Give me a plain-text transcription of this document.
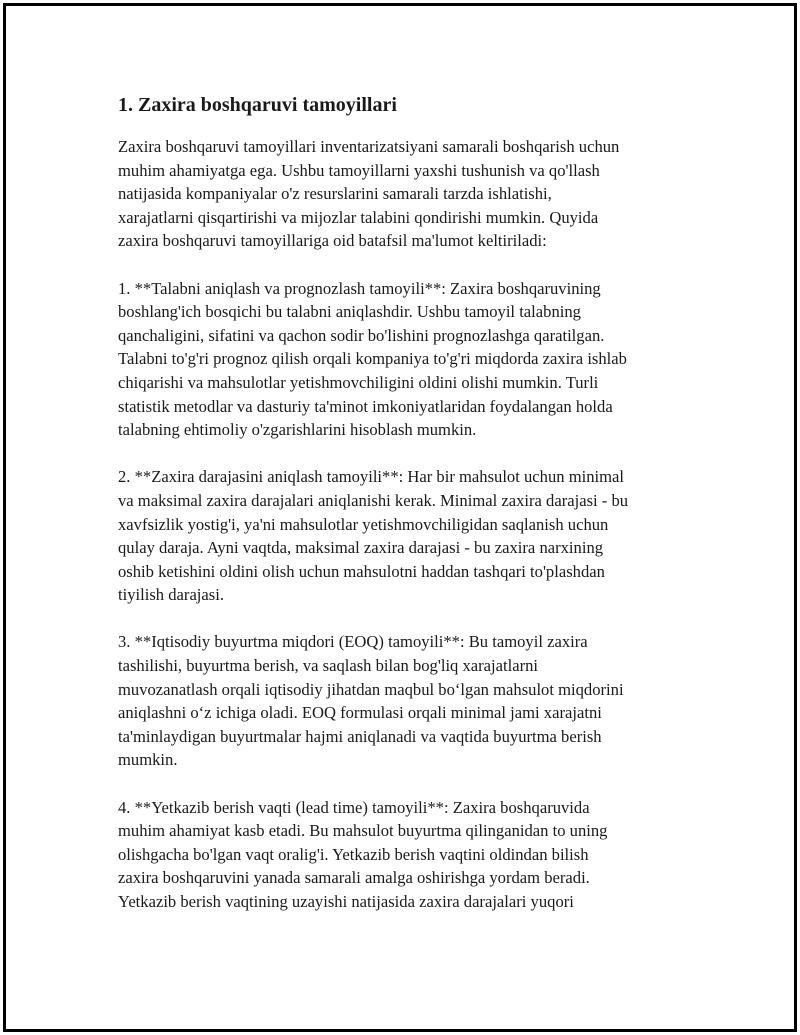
1. Zaxira boshqaruvi tamoyillari

Zaxira boshqaruvi tamoyillari inventarizatsiyani samarali boshqarish uchun
muhim ahamiyatga ega. Ushbu tamoyillarni yaxshi tushunish va qo'llash
natijasida kompaniyalar o'z resurslarini samarali tarzda ishlatishi,
xarajatlarni qisqartirishi va mijozlar talabini qondirishi mumkin. Quyida
zaxira boshqaruvi tamoyillariga oid batafsil ma'lumot keltiriladi:

1. **Talabni aniqlash va prognozlash tamoyili**: Zaxira boshqaruvining
boshlang'ich bosqichi bu talabni aniqlashdir. Ushbu tamoyil talabning
qanchaligini, sifatini va qachon sodir bo'lishini prognozlashga qaratilgan.
Talabni to'g'ri prognoz qilish orqali kompaniya to'g'ri miqdorda zaxira ishlab
chiqarishi va mahsulotlar yetishmovchiligini oldini olishi mumkin. Turli
statistik metodlar va dasturiy ta'minot imkoniyatlaridan foydalangan holda
talabning ehtimoliy o'zgarishlarini hisoblash mumkin.

2. **Zaxira darajasini aniqlash tamoyili**: Har bir mahsulot uchun minimal
va maksimal zaxira darajalari aniqlanishi kerak. Minimal zaxira darajasi - bu
xavfsizlik yostig'i, ya'ni mahsulotlar yetishmovchiligidan saqlanish uchun
qulay daraja. Ayni vaqtda, maksimal zaxira darajasi - bu zaxira narxining
oshib ketishini oldini olish uchun mahsulotni haddan tashqari to'plashdan
tiyilish darajasi.

3. **Iqtisodiy buyurtma miqdori (EOQ) tamoyili**: Bu tamoyil zaxira
tashilishi, buyurtma berish, va saqlash bilan bog'liq xarajatlarni
muvozanatlash orqali iqtisodiy jihatdan maqbul bo‘lgan mahsulot miqdorini
aniqlashni o‘z ichiga oladi. EOQ formulasi orqali minimal jami xarajatni
ta'minlaydigan buyurtmalar hajmi aniqlanadi va vaqtida buyurtma berish
mumkin.

4. **Yetkazib berish vaqti (lead time) tamoyili**: Zaxira boshqaruvida
muhim ahamiyat kasb etadi. Bu mahsulot buyurtma qilinganidan to uning
olishgacha bo'lgan vaqt oralig'i. Yetkazib berish vaqtini oldindan bilish
zaxira boshqaruvini yanada samarali amalga oshirishga yordam beradi.
Yetkazib berish vaqtining uzayishi natijasida zaxira darajalari yuqori
